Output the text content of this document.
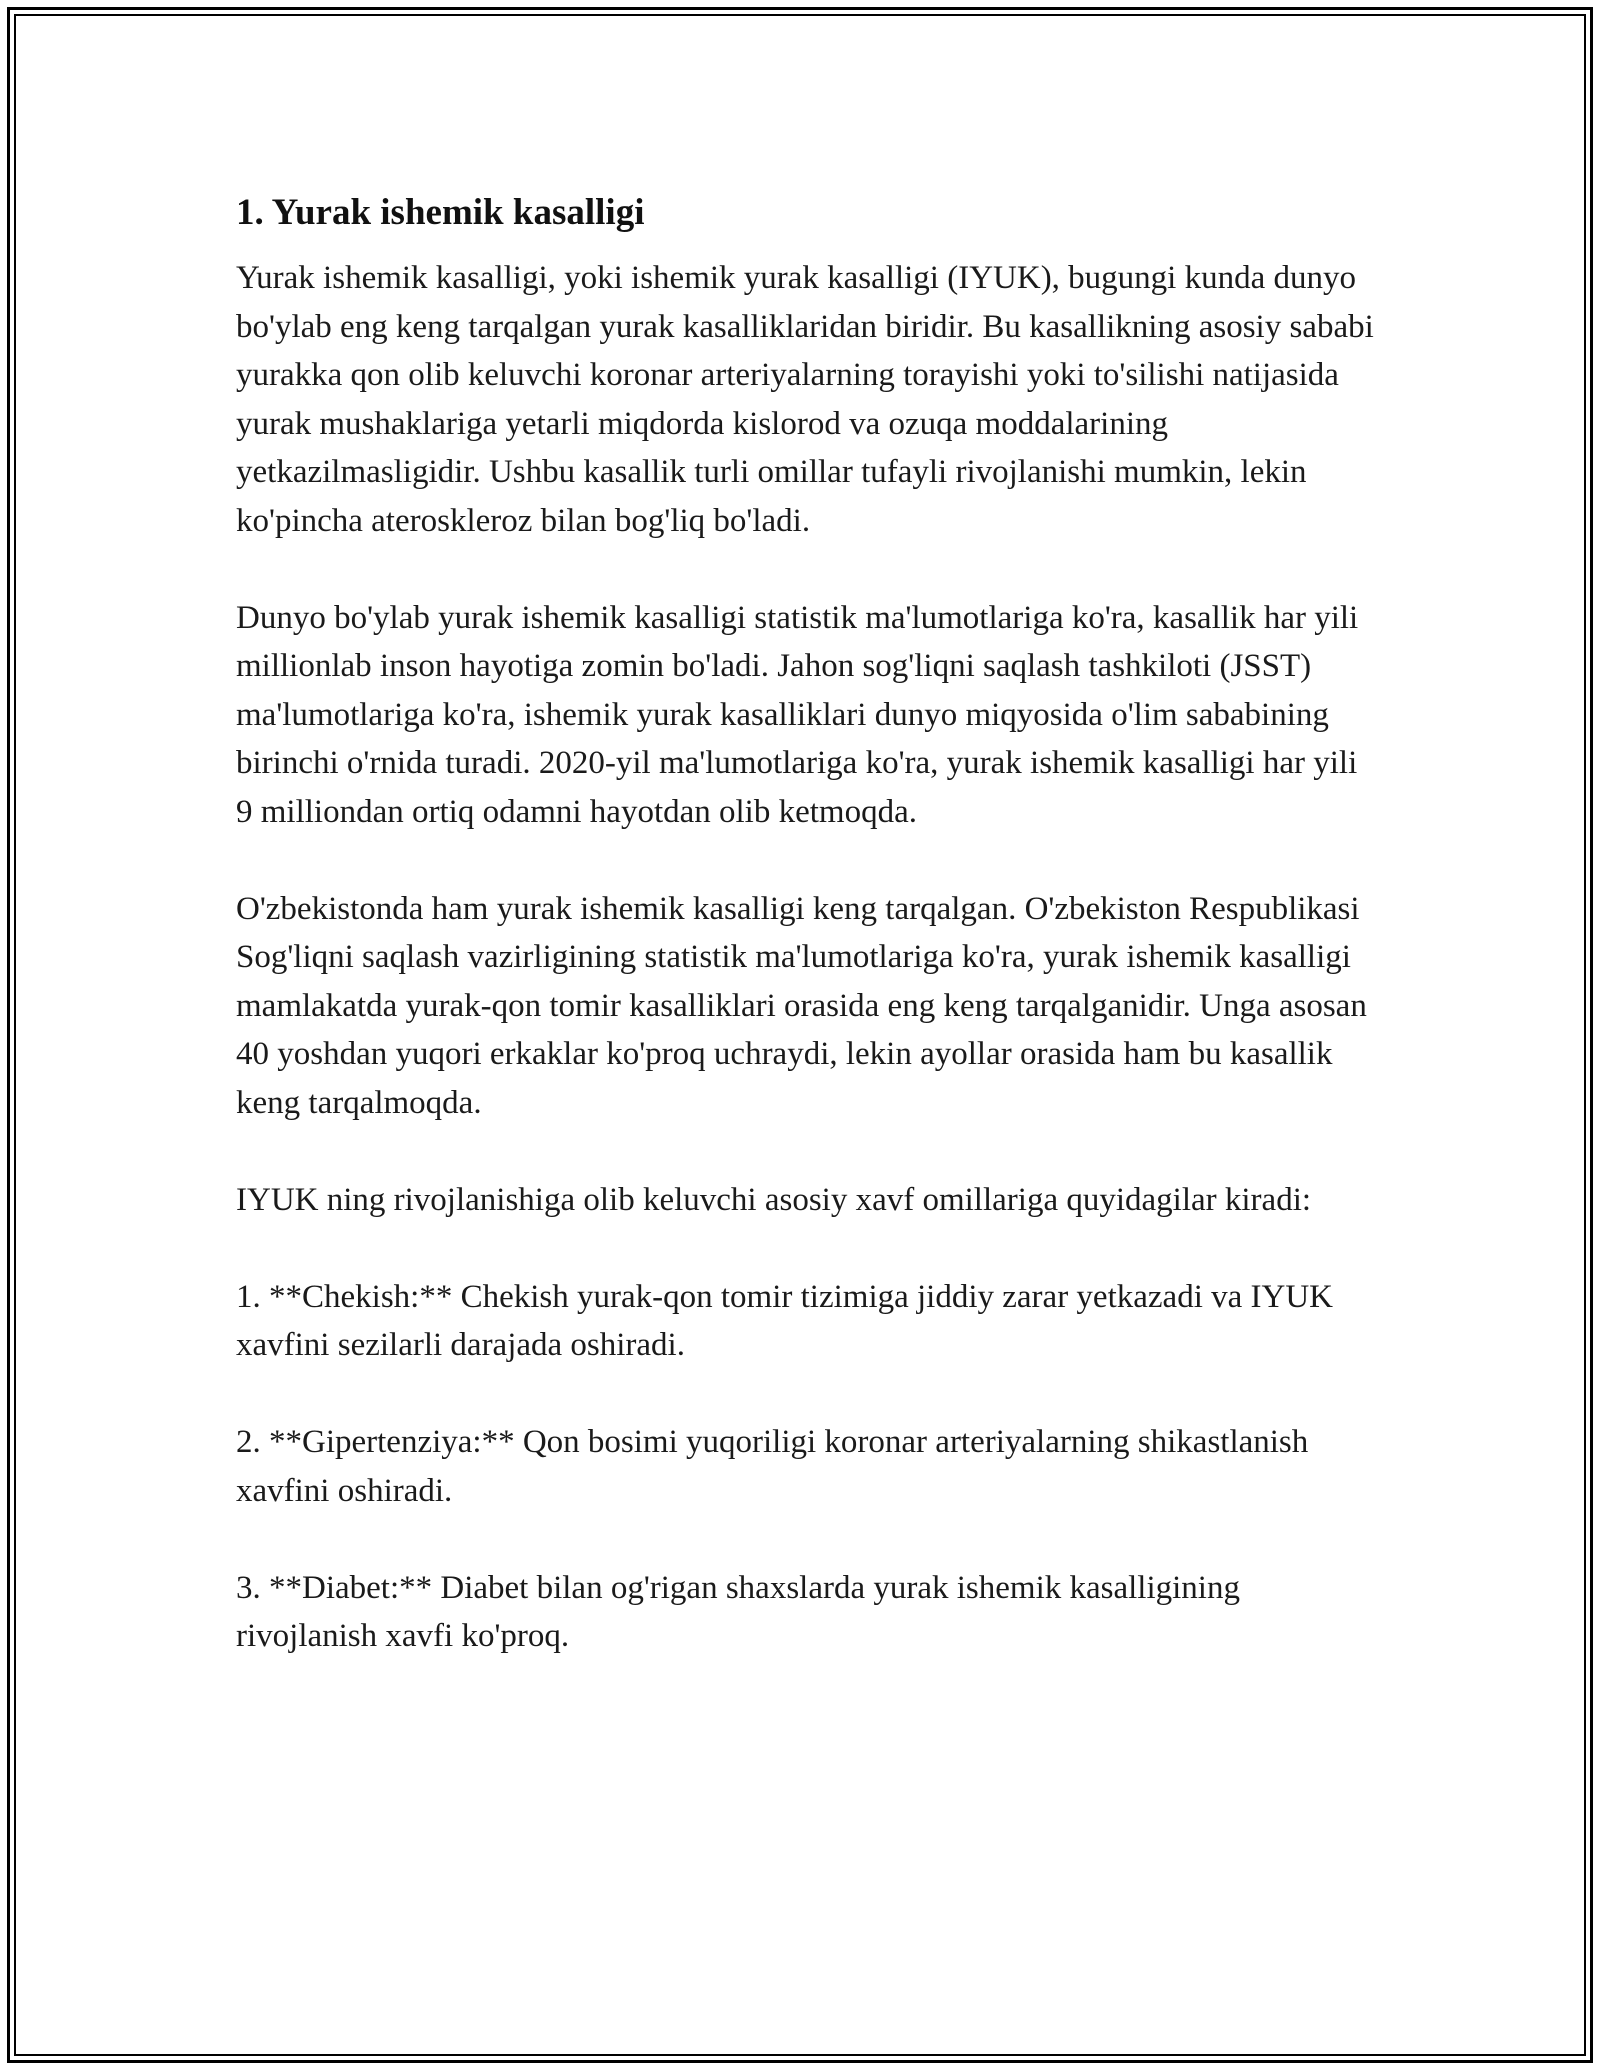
1. Yurak ishemik kasalligi
Yurak ishemik kasalligi, yoki ishemik yurak kasalligi (IYUK), bugungi kunda dunyo bo'ylab eng keng tarqalgan yurak kasalliklaridan biridir. Bu kasallikning asosiy sababi yurakka qon olib keluvchi koronar arteriyalarning torayishi yoki to'silishi natijasida yurak mushaklariga yetarli miqdorda kislorod va ozuqa moddalarining yetkazilmasligidir. Ushbu kasallik turli omillar tufayli rivojlanishi mumkin, lekin ko'pincha ateroskleroz bilan bog'liq bo'ladi.
Dunyo bo'ylab yurak ishemik kasalligi statistik ma'lumotlariga ko'ra, kasallik har yili millionlab inson hayotiga zomin bo'ladi. Jahon sog'liqni saqlash tashkiloti (JSST) ma'lumotlariga ko'ra, ishemik yurak kasalliklari dunyo miqyosida o'lim sababining birinchi o'rnida turadi. 2020-yil ma'lumotlariga ko'ra, yurak ishemik kasalligi har yili 9 milliondan ortiq odamni hayotdan olib ketmoqda.
O'zbekistonda ham yurak ishemik kasalligi keng tarqalgan. O'zbekiston Respublikasi Sog'liqni saqlash vazirligining statistik ma'lumotlariga ko'ra, yurak ishemik kasalligi mamlakatda yurak-qon tomir kasalliklari orasida eng keng tarqalganidir. Unga asosan 40 yoshdan yuqori erkaklar ko'proq uchraydi, lekin ayollar orasida ham bu kasallik keng tarqalmoqda.
IYUK ning rivojlanishiga olib keluvchi asosiy xavf omillariga quyidagilar kiradi:
1. **Chekish:** Chekish yurak-qon tomir tizimiga jiddiy zarar yetkazadi va IYUK xavfini sezilarli darajada oshiradi.
2. **Gipertenziya:** Qon bosimi yuqoriligi koronar arteriyalarning shikastlanish xavfini oshiradi.
3. **Diabet:** Diabet bilan og'rigan shaxslarda yurak ishemik kasalligining rivojlanish xavfi ko'proq.
